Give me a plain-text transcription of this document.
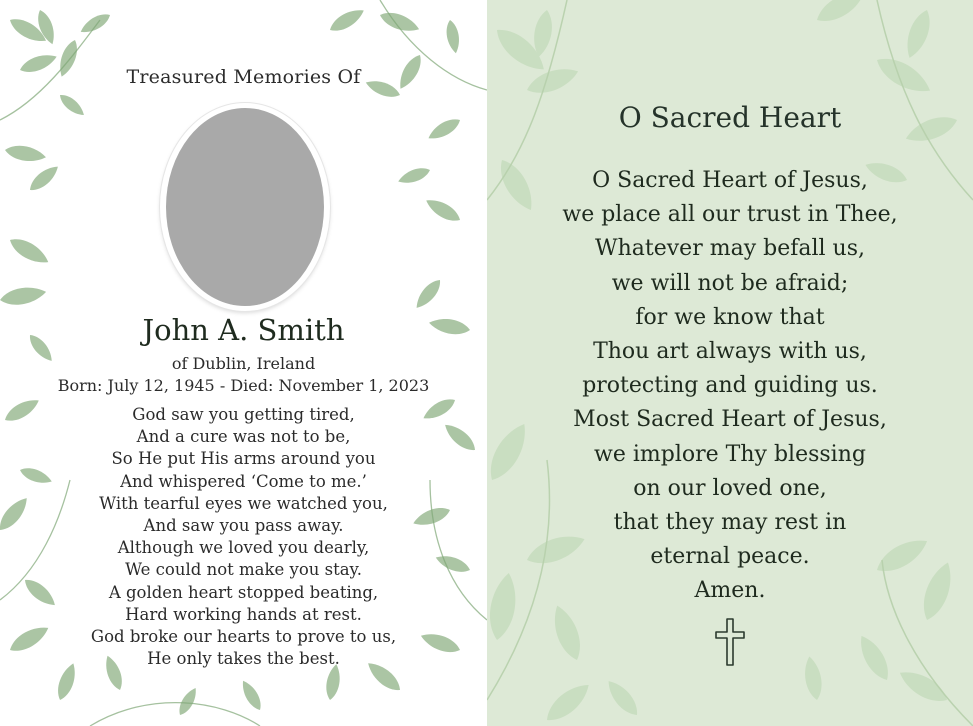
Treasured Memories Of
John A. Smith
of Dublin, Ireland
Born: July 12, 1945 - Died: November 1, 2023
God saw you getting tired,
And a cure was not to be,
So He put His arms around you
And whispered ‘Come to me.’
With tearful eyes we watched you,
And saw you pass away.
Although we loved you dearly,
We could not make you stay.
A golden heart stopped beating,
Hard working hands at rest.
God broke our hearts to prove to us,
He only takes the best.
O Sacred Heart
O Sacred Heart of Jesus,
we place all our trust in Thee,
Whatever may befall us,
we will not be afraid;
for we know that
Thou art always with us,
protecting and guiding us.
Most Sacred Heart of Jesus,
we implore Thy blessing
on our loved one,
that they may rest in
eternal peace.
Amen.
